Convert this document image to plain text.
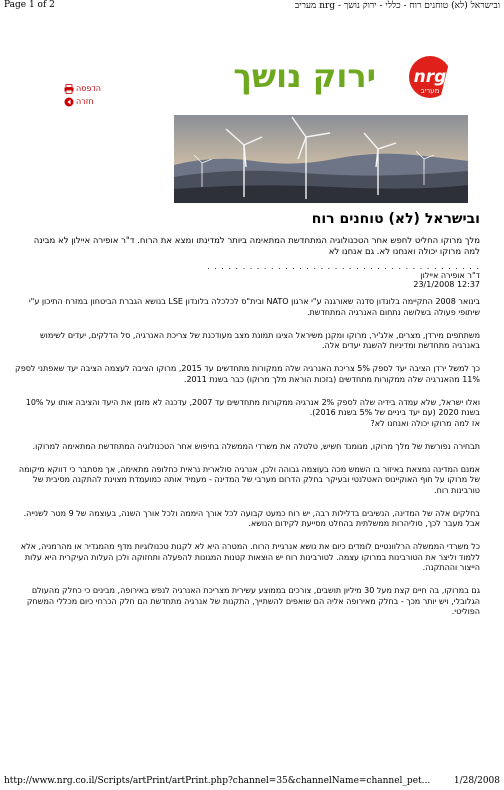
Page 1 of 2	ובישראל (לא) טוחנים רוח - כללי - ירוק נושך - nrg מעריב
הדפסה
חזרה
ירוק נושך nrg
מעריב
ובישראל (לא) טוחנים רוח
מלך מרוקו החליט לחפש אחר הטכנולוגיה המתחדשת המתאימה ביותר למדינתו ומצא את הרוח. ד"ר אופירה איילון לא מבינה למה מרוקו יכולה ואנחנו לא. גם אנחנו לא
. . . . . . . . . . . . . . . . . . . . . . . . . . . . . . . . . . . . . . .
ד"ר אופירה איילון
23/1/2008 12:37

בינואר 2008 התקיימה בלונדון סדנה שאורגנה ע"י ארגון NATO ובית"ס לכלכלה בלונדון LSE בנושא הגברת הביטחון במזרח התיכון ע"י שיתופי פעולה בשלושה נתחום האנרגיה המתחדשת.

משתתפים מירדן, מצרים, אלג'יר, מרוקו ומקנן משיראל הציגו תמונת מצב מעודכנת של צריכת האנרגיה, סל הדלקים, יעדים לשימוש באנרגיה מתחדשת ומדיניות להשגת יעדים אלה.

כך למשל ירדן הציבה יעד לספק 5% צריכת האנרגיה שלה ממקורות מתחדשים עד 2015, מרוקו הציבה לעצמה הציבה יעד שאפתני לספק 11% מהאנרגיה שלה ממקורות מתחדשים (בזכות הוראת מלך מרוקו) כבר בשנת 2011.

ואלו ישראל, שלא עמדה בידיה שלה לספק 2% אנרגיה ממקורות מתחדשים עד 2007, עדכנה לא מזמן את היעד והציבה אותו על 10% בשנת 2020 (עם יעד ביניים של 5% בשנת 2016).
אז למה מרוקו יכולה ואנחנו לא?

תבחירה נפורשת של מלך מרוקו, מגומנד חשיש, טלטלה את משרדי הממשלה בחיפוש אחר הטכנולוגיה המתחדשת המתאימה למרוקו.

אמנם המדינה נמצאת באיזור בו השמש מכה בעוצמה גבוהה ולכן, אנרגיה סולארית נראית כחלופה מתאימה, אך מסתבר כי דווקא מיקומה של מרוקו על חוף האוקיינוס האטלנטי ובעיקר בחלק הדרום מערבי של המדינה - מעמיד אותה כמועמדת מצוינת להתקנה מסיבית של טורבינות רוח.

בחלקים אלה של המדינה, הנשיבים בדלילות רבה, יש רוח כמעט קבועה לכל אורך היממה ולכל אורך השנה, בעוצמה של 9 מטר לשנייה. אבל מעבר לכך, סוליהרות ממשלתית בהחלט מסייעת לקידום הנושא.

כל משרדי הממשלה הרלוונטיים לומדים כיום את נושא אנרגיית הרוח. המטרה היא לא לקנות טכנולוגיות מדף מהמגדיר או מהרמניה, אלא ללמוד וליצר את הטורבינות במרוקו עצמה. לטורבינות רוח יש הוצאות קטנות המגונות להפעלה ותחזוקה ולכן העלות העיקרית היא עלות הייצור וההתקנה.

גם במרוקו, בה חיים קצת מעל 30 מיליון תושבים, צורכים בממוצע עשירית מצריכת האנרגיה לנפש באירופה, מבינים כי כחלק מהעולם הגלובלי, ויש יותר מכך - בחלק מאירופה אליה הם שואפים להשתייך, התקנות של אנרגיה מתחדשת הם חלק הכרחי כיום מכללי המשחק הפוליטי.

http://www.nrg.co.il/Scripts/artPrint/artPrint.php?channel=35&channelName=channel_pet...	1/28/2008
